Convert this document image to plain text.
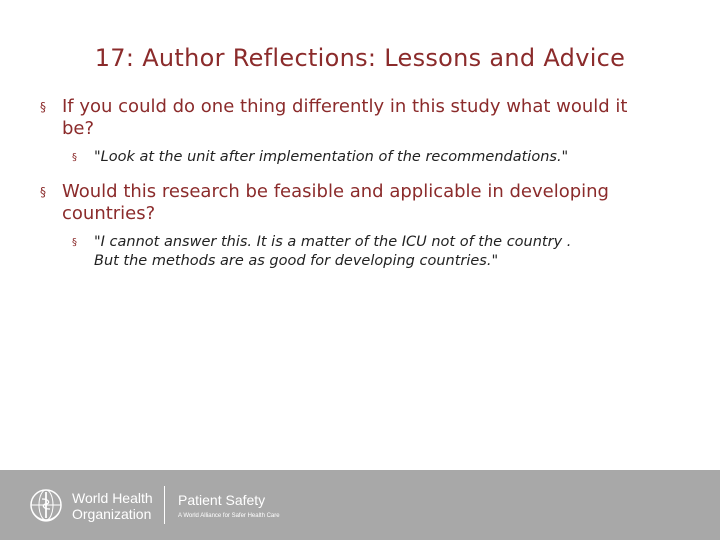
17: Author Reflections: Lessons and Advice
§ If you could do one thing differently in this study what would it
be?
§ "Look at the unit after implementation of the recommendations."
§ Would this research be feasible and applicable in developing
countries?
§ "I cannot answer this. It is a matter of the ICU not of the country .
But the methods are as good for developing countries."
World Health
Organization
Patient Safety
A World Alliance for Safer Health Care
